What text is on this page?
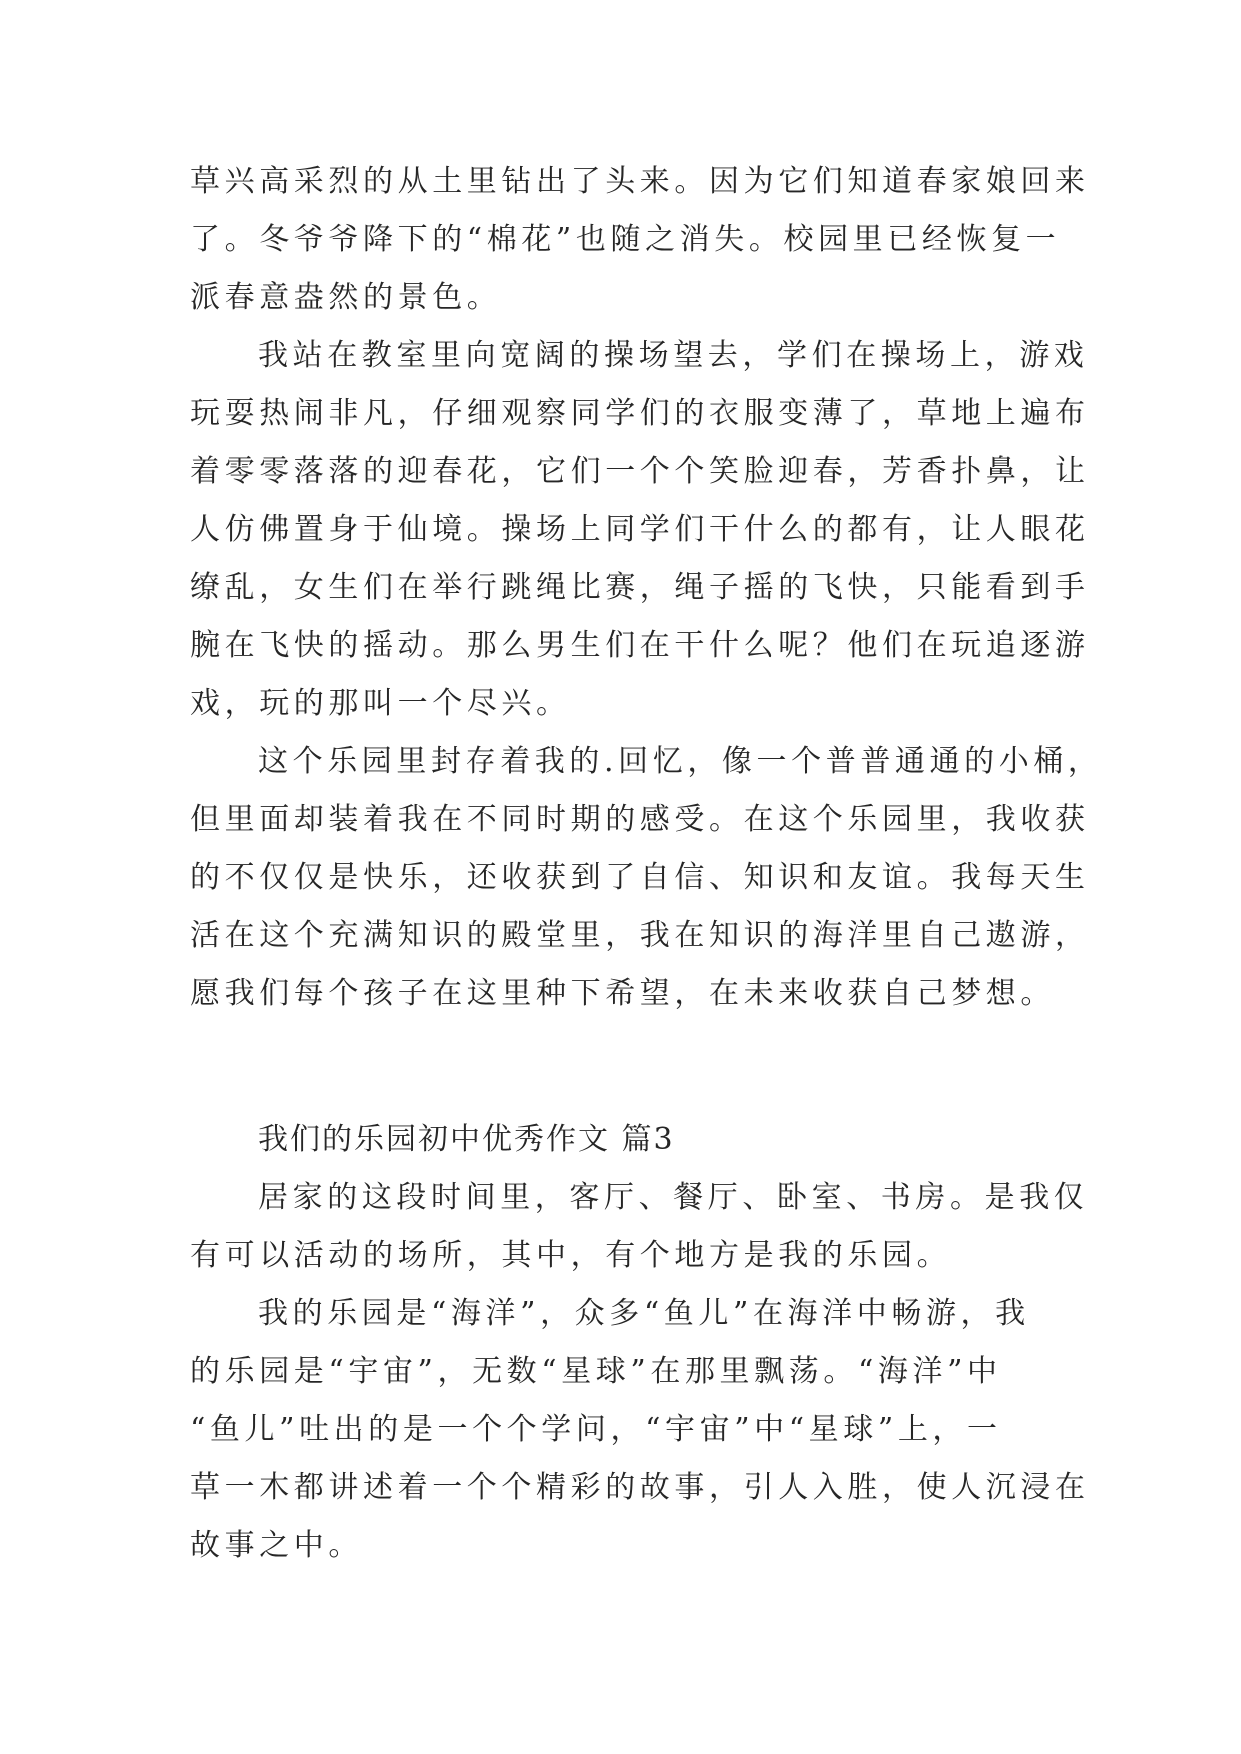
草兴高采烈的从土里钻出了头来。因为它们知道春家娘回来
了。冬爷爷降下的“棉花”也随之消失。校园里已经恢复一
派春意盎然的景色。
我站在教室里向宽阔的操场望去，学们在操场上，游戏
玩耍热闹非凡，仔细观察同学们的衣服变薄了，草地上遍布
着零零落落的迎春花，它们一个个笑脸迎春，芳香扑鼻，让
人仿佛置身于仙境。操场上同学们干什么的都有，让人眼花
缭乱，女生们在举行跳绳比赛，绳子摇的飞快，只能看到手
腕在飞快的摇动。那么男生们在干什么呢？他们在玩追逐游
戏，玩的那叫一个尽兴。
这个乐园里封存着我的.回忆，像一个普普通通的小桶，
但里面却装着我在不同时期的感受。在这个乐园里，我收获
的不仅仅是快乐，还收获到了自信、知识和友谊。我每天生
活在这个充满知识的殿堂里，我在知识的海洋里自己遨游，
愿我们每个孩子在这里种下希望，在未来收获自己梦想。
我们的乐园初中优秀作文 篇3
居家的这段时间里，客厅、餐厅、卧室、书房。是我仅
有可以活动的场所，其中，有个地方是我的乐园。
我的乐园是“海洋”，众多“鱼儿”在海洋中畅游，我
的乐园是“宇宙”，无数“星球”在那里飘荡。“海洋”中
“鱼儿”吐出的是一个个学问，“宇宙”中“星球”上，一
草一木都讲述着一个个精彩的故事，引人入胜，使人沉浸在
故事之中。
